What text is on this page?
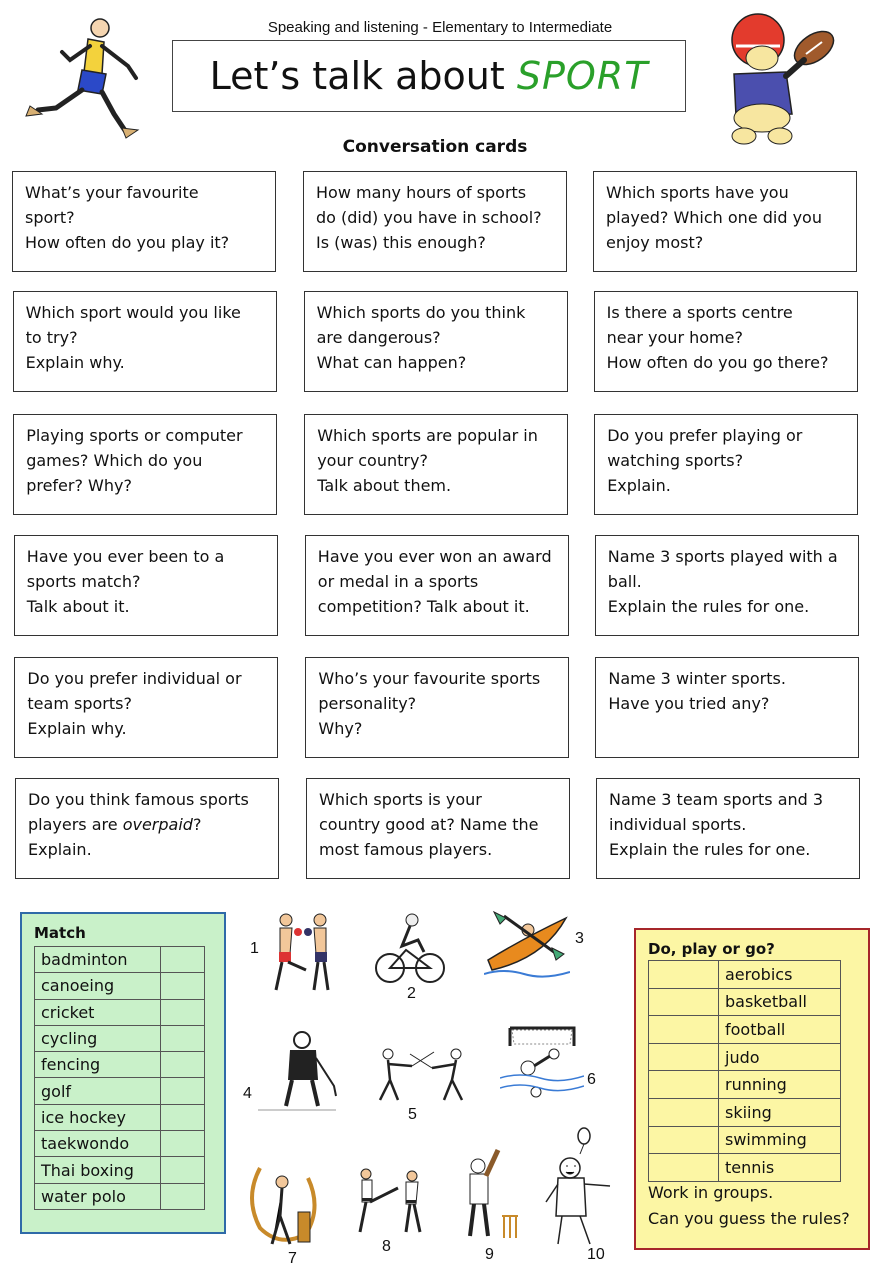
Speaking and listening - Elementary to Intermediate
Let’s talk about SPORT
Conversation cards
What’s your favourite
sport?
How often do you play it?
How many hours of sports
do (did) you have in school?
Is (was) this enough?
Which sports have you
played? Which one did you
enjoy most?
Which sport would you like
to try?
Explain why.
Which sports do you think
are dangerous?
What can happen?
Is there a sports centre
near your home?
How often do you go there?
Playing sports or computer
games? Which do you
prefer? Why?
Which sports are popular in
your country?
Talk about them.
Do you prefer playing or
watching sports?
Explain.
Have you ever been to a
sports match?
Talk about it.
Have you ever won an award
or medal in a sports
competition? Talk about it.
Name 3 sports played with a
ball.
Explain the rules for one.
Do you prefer individual or
team sports?
Explain why.
Who’s your favourite sports
personality?
Why?
Name 3 winter sports.
Have you tried any?
Do you think famous sports
players are overpaid?
Explain.
Which sports is your
country good at? Name the
most famous players.
Name 3 team sports and 3
individual sports.
Explain the rules for one.
Match
badminton	
canoeing	
cricket	
cycling	
fencing	
golf	
ice hockey	
taekwondo	
Thai boxing	
water polo	
1
2
3
4
5
6
7
8	9	10
Do, play or go?
	aerobics
	basketball
	football
	judo
	running
	skiing
	swimming
	tennis
Work in groups.
Can you guess the rules?
